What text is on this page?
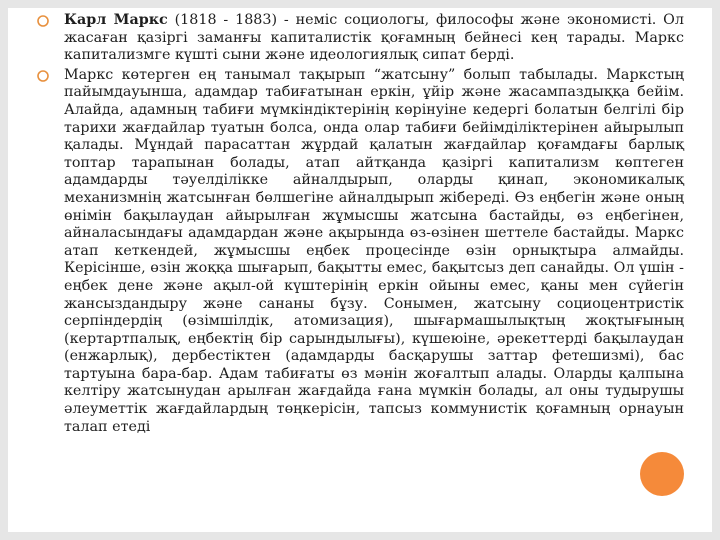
Карл Маркс (1818 - 1883) - неміс социологы, философы және экономисті. Ол жасаған қазіргі заманғы капиталистік қоғамның бейнесі кең тарады. Маркс капитализмге күшті сыни және идеологиялық сипат берді.
Маркс көтерген ең танымал тақырып “жатсыну” болып табылады. Маркстың пайымдауынша, адамдар табиғатынан еркін, ұйір және жасампаздыққа бейім. Алайда, адамның табиғи мүмкіндіктерінің көрінуіне кедергі болатын белгілі бір тарихи жағдайлар туатын болса, онда олар табиғи бейімділіктерінен айырылып қалады. Мұндай парасаттан жұрдай қалатын жағдайлар қоғамдағы барлық топтар тарапынан болады, атап айтқанда қазіргі капитализм көптеген адамдарды тәуелділікке айналдырып, оларды қинап, экономикалық механизмнің жатсынған бөлшегіне айналдырып жібереді. Өз еңбегін және оның өнімін бақылаудан айырылған жұмысшы жатсына бастайды, өз еңбегінен, айналасындағы адамдардан және ақырында өз-өзінен шеттеле бастайды. Маркс атап кеткендей, жұмысшы еңбек процесінде өзін орнықтыра алмайды. Керісінше, өзін жоққа шығарып, бақытты емес, бақытсыз деп санайды. Ол үшін - еңбек дене және ақыл-ой күштерінің еркін ойыны емес, қаны мен сүйегін жансыздандыру және сананы бұзу. Сонымен, жатсыну социоцентристік серпіндердің (өзімшілдік, атомизация), шығармашылықтың жоқтығының (кертартпалық, еңбектің бір сарындылығы), күшеюіне, әрекеттерді бақылаудан (енжарлық), дербестіктен (адамдарды басқарушы заттар фетешизмі), бас тартуына бара-бар. Адам табиғаты өз мәнін жоғалтып алады. Оларды қалпына келтіру жатсынудан арылған жағдайда ғана мүмкін болады, ал оны тудырушы әлеуметтік жағдайлардың төңкерісін, тапсыз коммунистік қоғамның орнауын талап етеді
